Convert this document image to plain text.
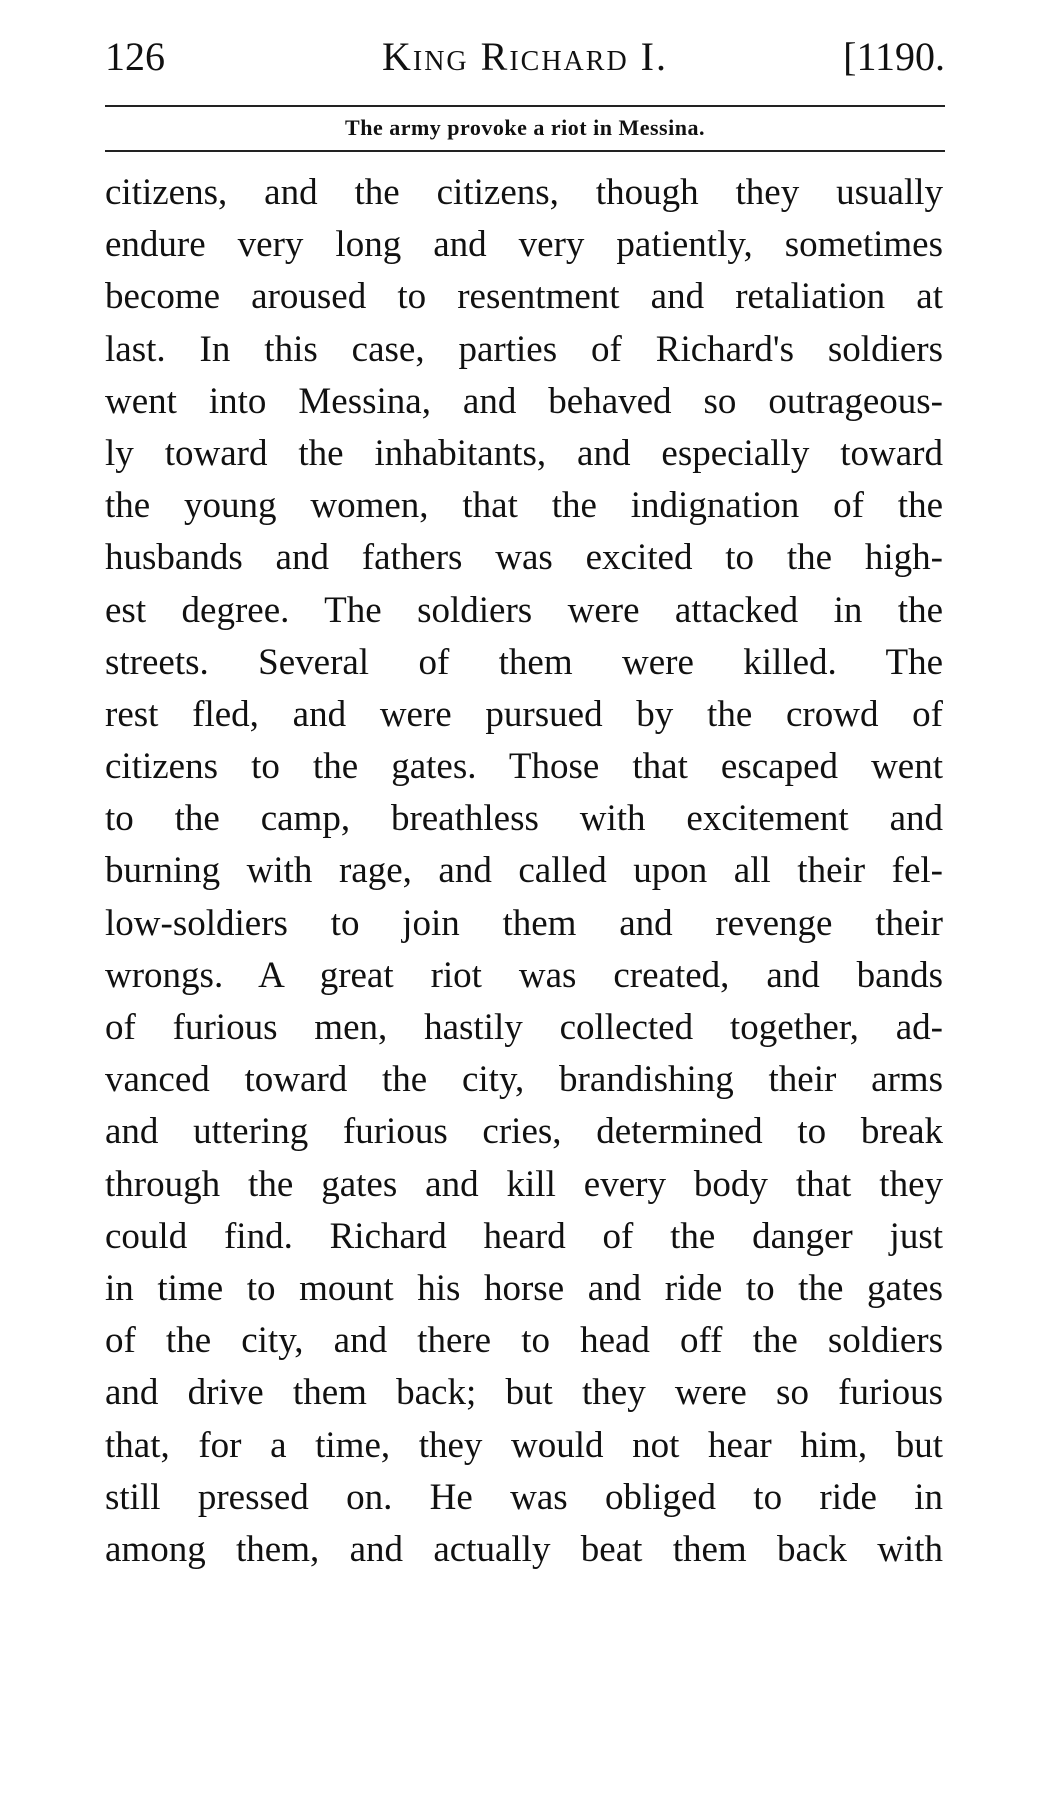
126	King Richard I.	[1190.
The army provoke a riot in Messina.
citizens, and the citizens, though they usually
endure very long and very patiently, sometimes
become aroused to resentment and retaliation at
last. In this case, parties of Richard's soldiers
went into Messina, and behaved so outrageous-
ly toward the inhabitants, and especially toward
the young women, that the indignation of the
husbands and fathers was excited to the high-
est degree. The soldiers were attacked in the
streets. Several of them were killed. The
rest fled, and were pursued by the crowd of
citizens to the gates. Those that escaped went
to the camp, breathless with excitement and
burning with rage, and called upon all their fel-
low-soldiers to join them and revenge their
wrongs. A great riot was created, and bands
of furious men, hastily collected together, ad-
vanced toward the city, brandishing their arms
and uttering furious cries, determined to break
through the gates and kill every body that they
could find. Richard heard of the danger just
in time to mount his horse and ride to the gates
of the city, and there to head off the soldiers
and drive them back; but they were so furious
that, for a time, they would not hear him, but
still pressed on. He was obliged to ride in
among them, and actually beat them back with
